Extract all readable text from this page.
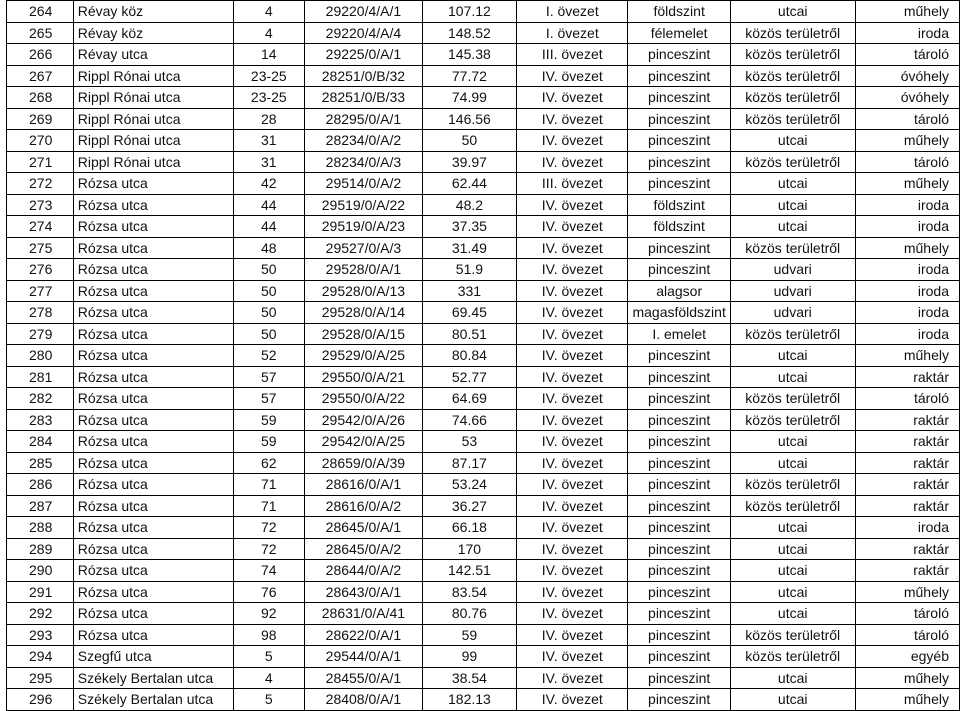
264	Révay köz	4	29220/4/A/1	107.12	I. övezet	földszint	utcai	műhely
265	Révay köz	4	29220/4/A/4	148.52	I. övezet	félemelet	közös területről	iroda
266	Révay utca	14	29225/0/A/1	145.38	III. övezet	pinceszint	közös területről	tároló
267	Rippl Rónai utca	23-25	28251/0/B/32	77.72	IV. övezet	pinceszint	közös területről	óvóhely
268	Rippl Rónai utca	23-25	28251/0/B/33	74.99	IV. övezet	pinceszint	közös területről	óvóhely
269	Rippl Rónai utca	28	28295/0/A/1	146.56	IV. övezet	pinceszint	közös területről	tároló
270	Rippl Rónai utca	31	28234/0/A/2	50	IV. övezet	pinceszint	utcai	műhely
271	Rippl Rónai utca	31	28234/0/A/3	39.97	IV. övezet	pinceszint	közös területről	tároló
272	Rózsa utca	42	29514/0/A/2	62.44	III. övezet	pinceszint	utcai	műhely
273	Rózsa utca	44	29519/0/A/22	48.2	IV. övezet	földszint	utcai	iroda
274	Rózsa utca	44	29519/0/A/23	37.35	IV. övezet	földszint	utcai	iroda
275	Rózsa utca	48	29527/0/A/3	31.49	IV. övezet	pinceszint	közös területről	műhely
276	Rózsa utca	50	29528/0/A/1	51.9	IV. övezet	pinceszint	udvari	iroda
277	Rózsa utca	50	29528/0/A/13	331	IV. övezet	alagsor	udvari	iroda
278	Rózsa utca	50	29528/0/A/14	69.45	IV. övezet	magasföldszint	udvari	iroda
279	Rózsa utca	50	29528/0/A/15	80.51	IV. övezet	I. emelet	közös területről	iroda
280	Rózsa utca	52	29529/0/A/25	80.84	IV. övezet	pinceszint	utcai	műhely
281	Rózsa utca	57	29550/0/A/21	52.77	IV. övezet	pinceszint	utcai	raktár
282	Rózsa utca	57	29550/0/A/22	64.69	IV. övezet	pinceszint	közös területről	tároló
283	Rózsa utca	59	29542/0/A/26	74.66	IV. övezet	pinceszint	közös területről	raktár
284	Rózsa utca	59	29542/0/A/25	53	IV. övezet	pinceszint	utcai	raktár
285	Rózsa utca	62	28659/0/A/39	87.17	IV. övezet	pinceszint	utcai	raktár
286	Rózsa utca	71	28616/0/A/1	53.24	IV. övezet	pinceszint	közös területről	raktár
287	Rózsa utca	71	28616/0/A/2	36.27	IV. övezet	pinceszint	közös területről	raktár
288	Rózsa utca	72	28645/0/A/1	66.18	IV. övezet	pinceszint	utcai	iroda
289	Rózsa utca	72	28645/0/A/2	170	IV. övezet	pinceszint	utcai	raktár
290	Rózsa utca	74	28644/0/A/2	142.51	IV. övezet	pinceszint	utcai	raktár
291	Rózsa utca	76	28643/0/A/1	83.54	IV. övezet	pinceszint	utcai	műhely
292	Rózsa utca	92	28631/0/A/41	80.76	IV. övezet	pinceszint	utcai	tároló
293	Rózsa utca	98	28622/0/A/1	59	IV. övezet	pinceszint	közös területről	tároló
294	Szegfű utca	5	29544/0/A/1	99	IV. övezet	pinceszint	közös területről	egyéb
295	Székely Bertalan utca	4	28455/0/A/1	38.54	IV. övezet	pinceszint	utcai	műhely
296	Székely Bertalan utca	5	28408/0/A/1	182.13	IV. övezet	pinceszint	utcai	műhely
